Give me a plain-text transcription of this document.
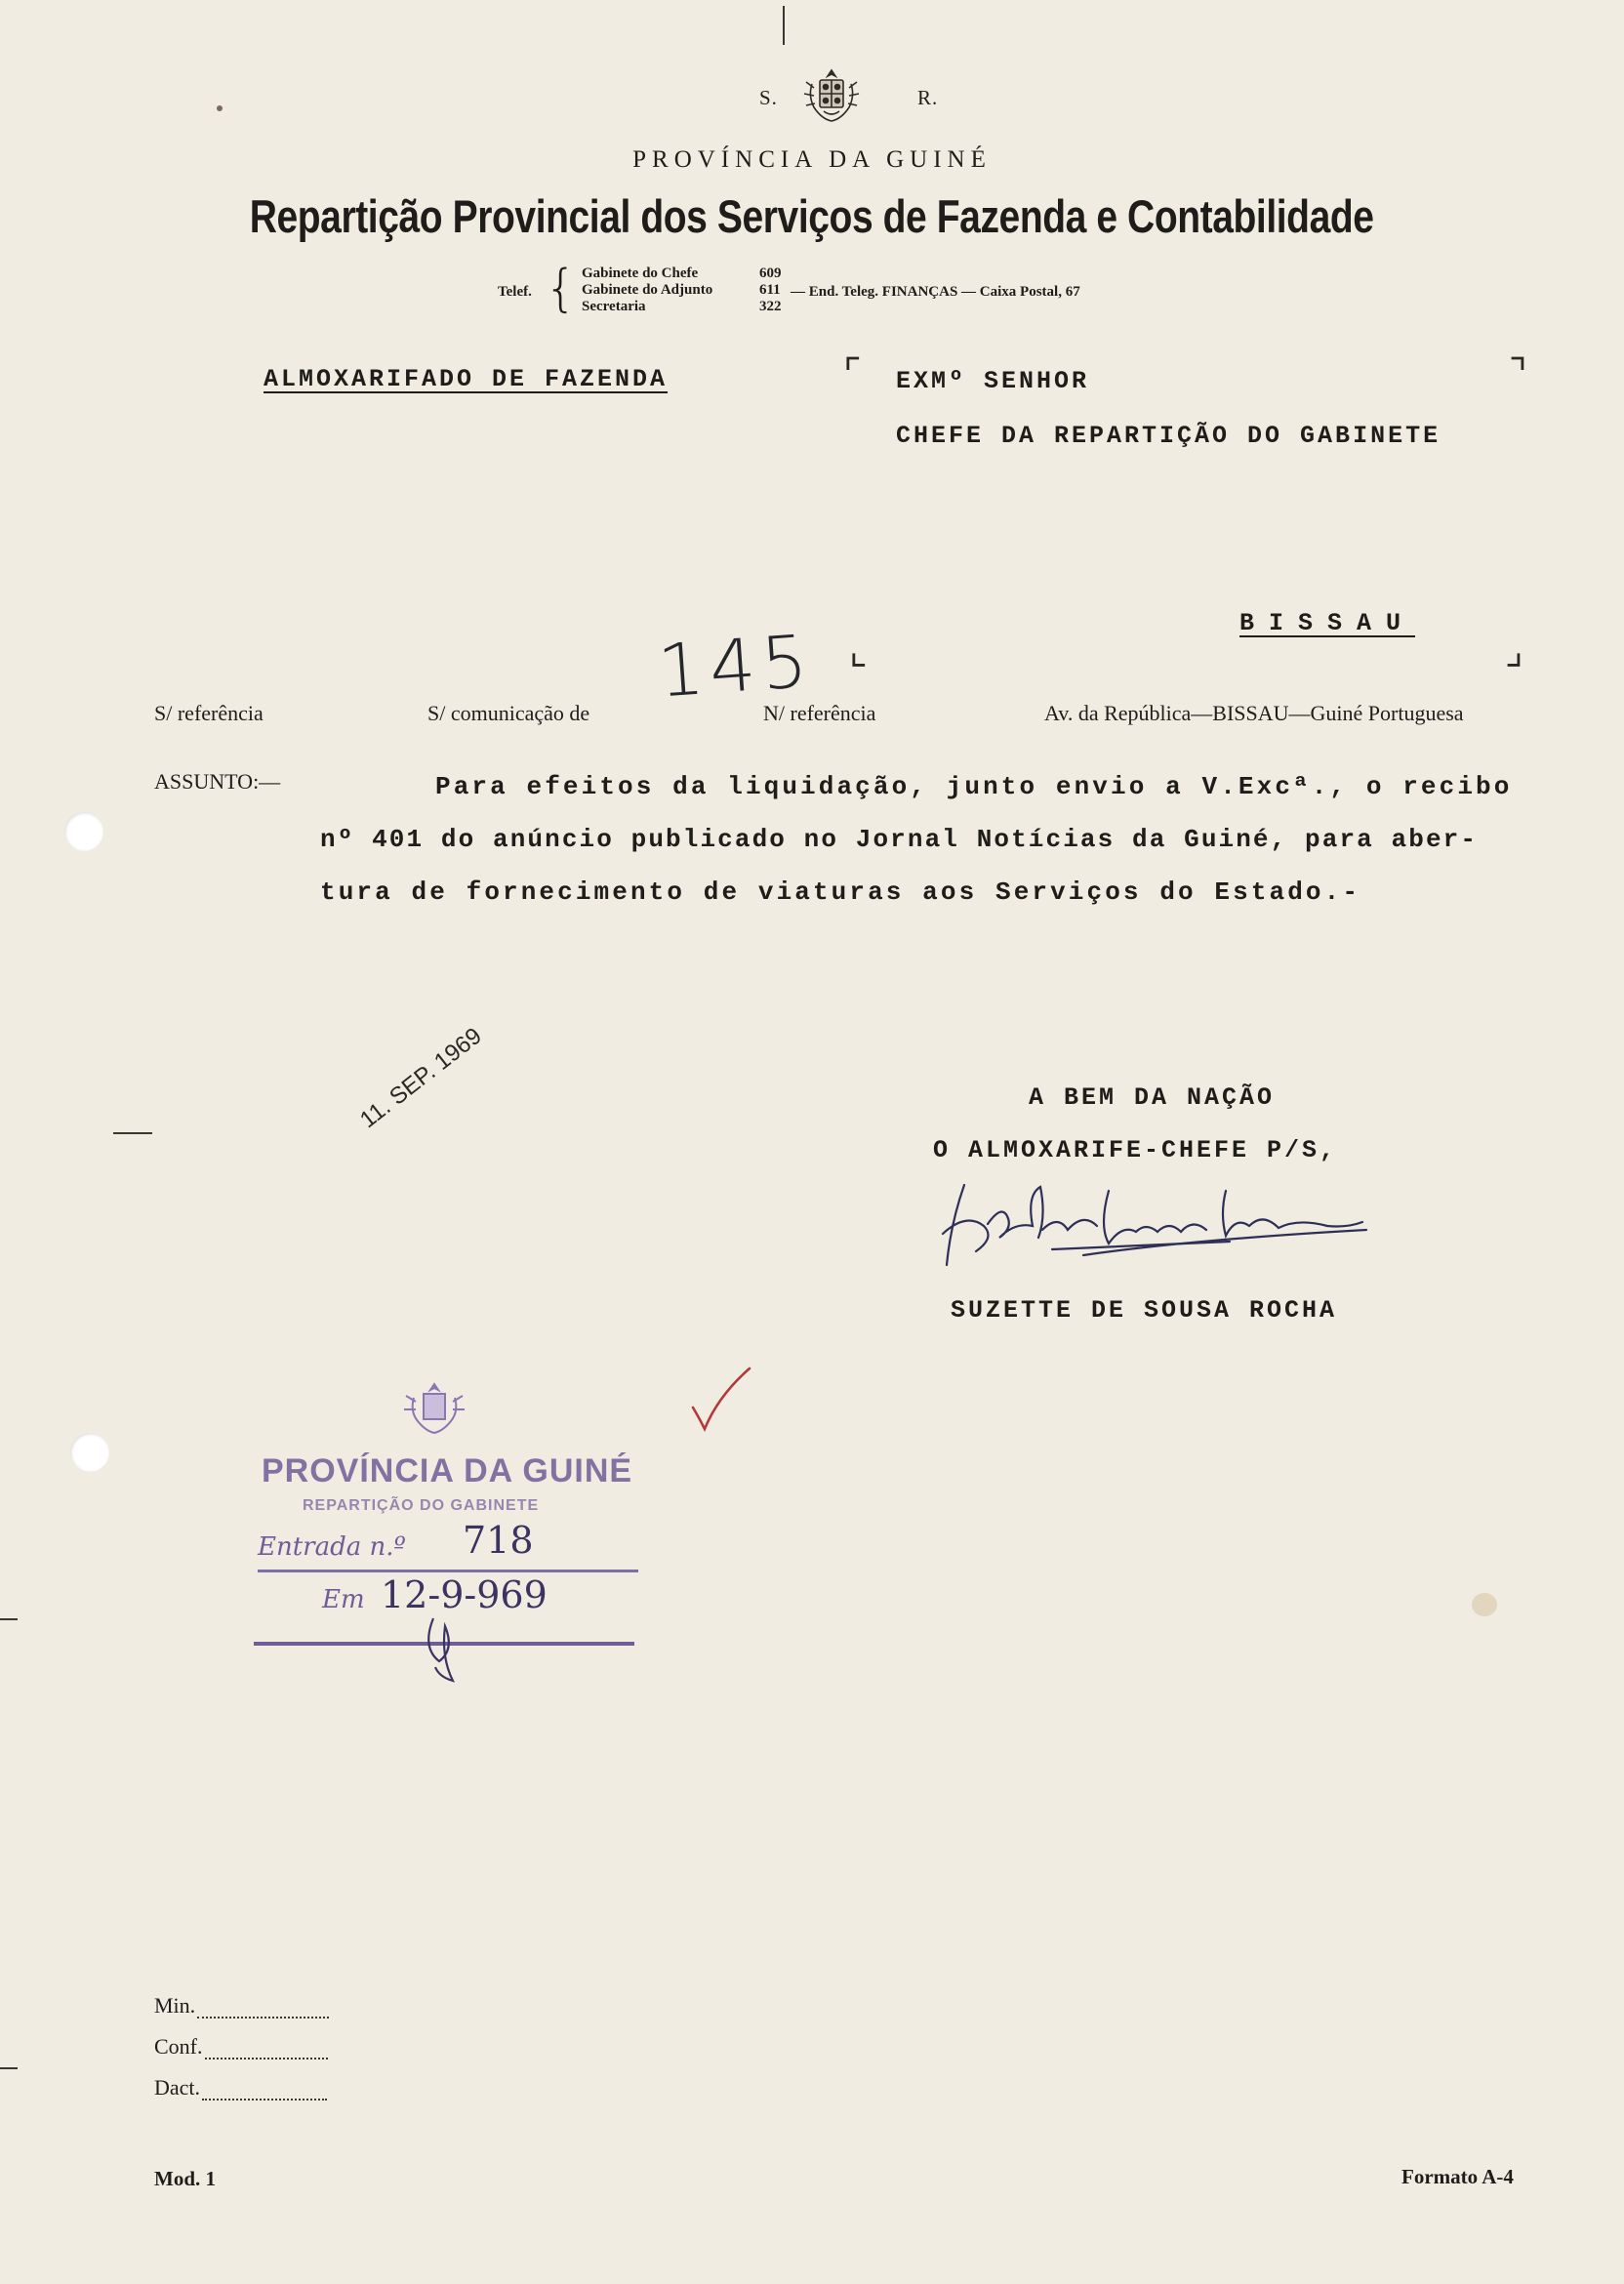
S.	R.
PROVÍNCIA DA GUINÉ
Repartição Provincial dos Serviços de Fazenda e Contabilidade
Telef. { Gabinete do Chefe	609
Gabinete do Adjunto	611
Secretaria	322
— End. Teleg. FINANÇAS — Caixa Postal, 67
ALMOXARIFADO DE FAZENDA	⌜ EXMº SENHOR	⌝
CHEFE DA REPARTIÇÃO DO GABINETE
BISSAU
⌞	⌟
S/ referência	S/ comunicação de 145
N/ referência	Av. da República—BISSAU—Guiné Portuguesa
ASSUNTO:—	Para efeitos da liquidação, junto envio a V.Excª., o recibo
nº 401 do anúncio publicado no Jornal Notícias da Guiné, para aber-
tura de fornecimento de viaturas aos Serviços do Estado.-
11. SEP. 1969	A BEM DA NAÇÃO
O ALMOXARIFE-CHEFE P/S,
SUZETTE DE SOUSA ROCHA
PROVÍNCIA DA GUINÉ
REPARTIÇÃO DO GABINETE
Entrada n.º 718
Em 12-9-969
Min.
Conf.
Dact.
Mod. 1	Formato A-4
